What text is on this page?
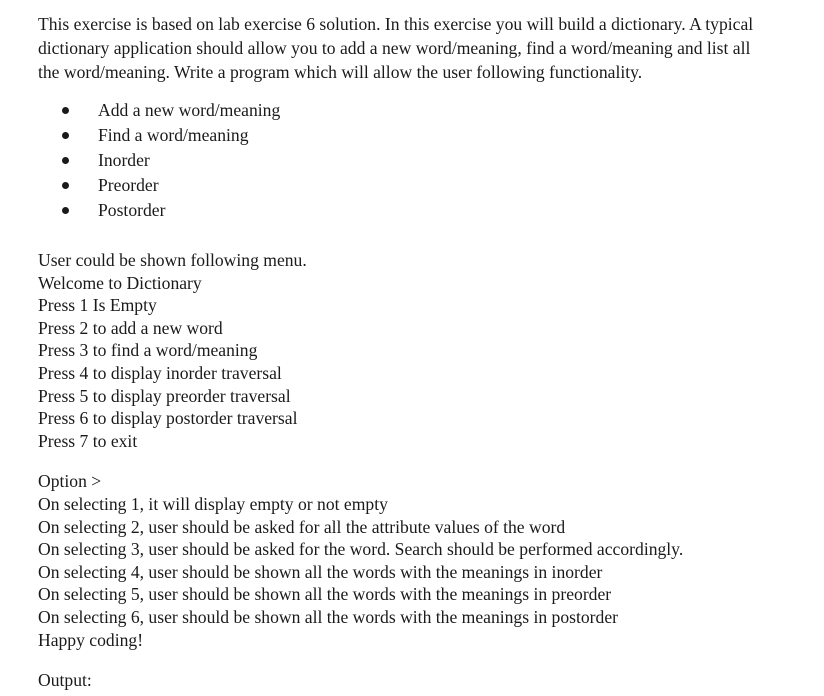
This exercise is based on lab exercise 6 solution. In this exercise you will build a dictionary. A typical
dictionary application should allow you to add a new word/meaning, find a word/meaning and list all
the word/meaning. Write a program which will allow the user following functionality.

Add a new word/meaning
Find a word/meaning
Inorder
Preorder
Postorder
User could be shown following menu.
Welcome to Dictionary
Press 1 Is Empty
Press 2 to add a new word
Press 3 to find a word/meaning
Press 4 to display inorder traversal
Press 5 to display preorder traversal
Press 6 to display postorder traversal
Press 7 to exit
Option >
On selecting 1, it will display empty or not empty
On selecting 2, user should be asked for all the attribute values of the word
On selecting 3, user should be asked for the word. Search should be performed accordingly.
On selecting 4, user should be shown all the words with the meanings in inorder
On selecting 5, user should be shown all the words with the meanings in preorder
On selecting 6, user should be shown all the words with the meanings in postorder
Happy coding!
Output:
